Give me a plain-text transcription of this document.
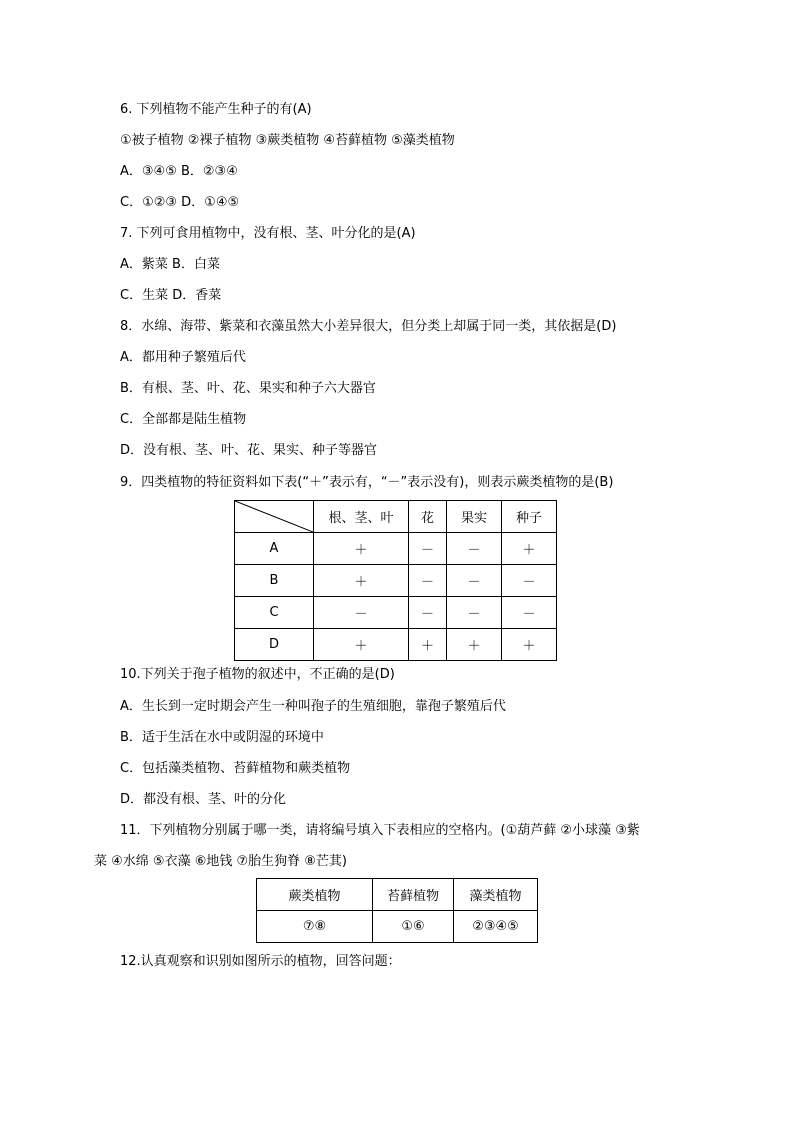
6. 下列植物不能产生种子的有(A)
①被子植物 ②裸子植物 ③蕨类植物 ④苔藓植物 ⑤藻类植物
A．③④⑤ B．②③④
C．①②③ D．①④⑤
7. 下列可食用植物中，没有根、茎、叶分化的是(A)
A．紫菜 B．白菜
C．生菜 D．香菜
8．水绵、海带、紫菜和衣藻虽然大小差异很大，但分类上却属于同一类，其依据是(D)
A．都用种子繁殖后代
B．有根、茎、叶、花、果实和种子六大器官
C．全部都是陆生植物
D．没有根、茎、叶、花、果实、种子等器官
9．四类植物的特征资料如下表(“＋”表示有，“－”表示没有)，则表示蕨类植物的是(B)
	根、茎、叶	花	果实	种子
A	＋	－	－	＋
B	＋	－	－	－
C	－	－	－	－
D	＋	＋	＋	＋
10.下列关于孢子植物的叙述中，不正确的是(D)
A．生长到一定时期会产生一种叫孢子的生殖细胞，靠孢子繁殖后代
B．适于生活在水中或阴湿的环境中
C．包括藻类植物、苔藓植物和蕨类植物
D．都没有根、茎、叶的分化
11．下列植物分别属于哪一类，请将编号填入下表相应的空格内。(①葫芦藓 ②小球藻 ③紫
菜 ④水绵 ⑤衣藻 ⑥地钱 ⑦胎生狗脊 ⑧芒萁)
蕨类植物	苔藓植物	藻类植物
⑦⑧	①⑥	②③④⑤
12.认真观察和识别如图所示的植物，回答问题：
